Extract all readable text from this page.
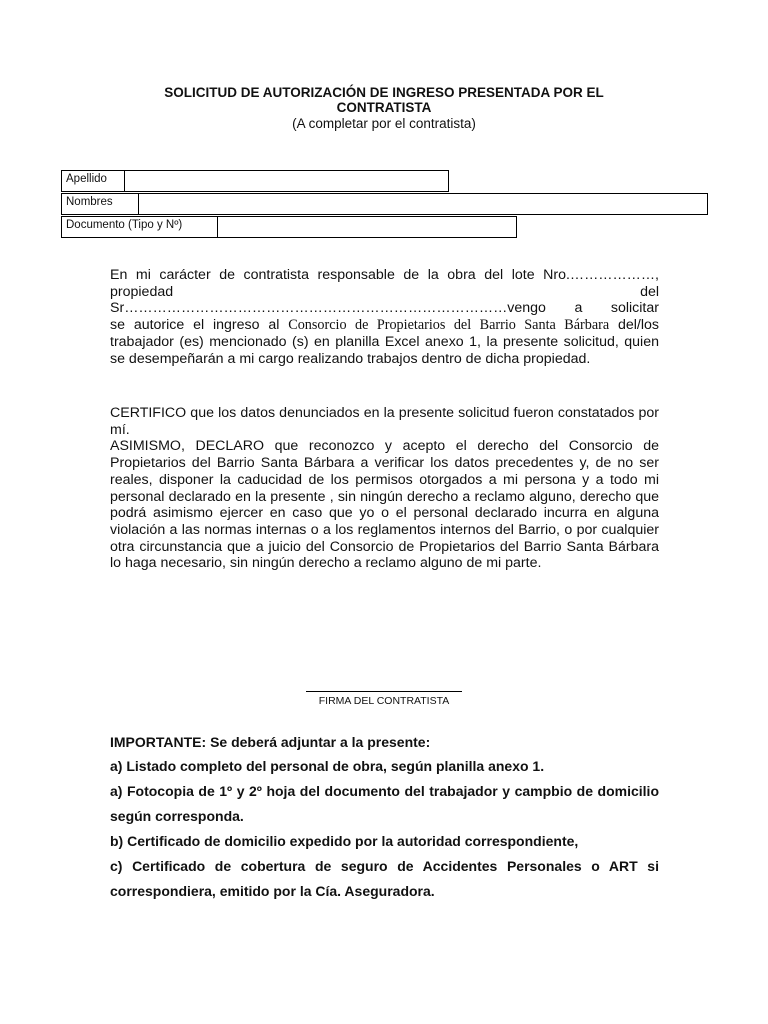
SOLICITUD DE AUTORIZACIÓN DE INGRESO PRESENTADA POR EL
CONTRATISTA
(A completar por el contratista)
Apellido
Nombres
Documento (Tipo y Nº)
En mi carácter de contratista responsable de la obra del lote Nro.………………,
propiedad del
Sr………………………………………………………………………vengo a solicitar
se autorice el ingreso al Consorcio de Propietarios del Barrio Santa Bárbara del/los

trabajador (es) mencionado (s) en planilla Excel anexo 1, la presente solicitud, quien se desempeñarán a mi cargo realizando trabajos dentro de dicha propiedad.

CERTIFICO que los datos denunciados en la presente solicitud fueron constatados por mí.

ASIMISMO, DECLARO que reconozco y acepto el derecho del Consorcio de Propietarios del Barrio Santa Bárbara a verificar los datos precedentes y, de no ser reales, disponer la caducidad de los permisos otorgados a mi persona y a todo mi personal declarado en la presente , sin ningún derecho a reclamo alguno, derecho que podrá asimismo ejercer en caso que yo o el personal declarado incurra en alguna violación a las normas internas o a los reglamentos internos del Barrio, o por cualquier otra circunstancia que a juicio del Consorcio de Propietarios del Barrio Santa Bárbara lo haga necesario, sin ningún derecho a reclamo alguno de mi parte.

FIRMA DEL CONTRATISTA
IMPORTANTE: Se deberá adjuntar a la presente:

a) Listado completo del personal de obra, según planilla anexo 1.

a) Fotocopia de 1º y 2º hoja del documento del trabajador y campbio de domicilio según corresponda.

b) Certificado de domicilio expedido por la autoridad correspondiente,

c) Certificado de cobertura de seguro de Accidentes Personales o ART si correspondiera, emitido por la Cía. Aseguradora.
